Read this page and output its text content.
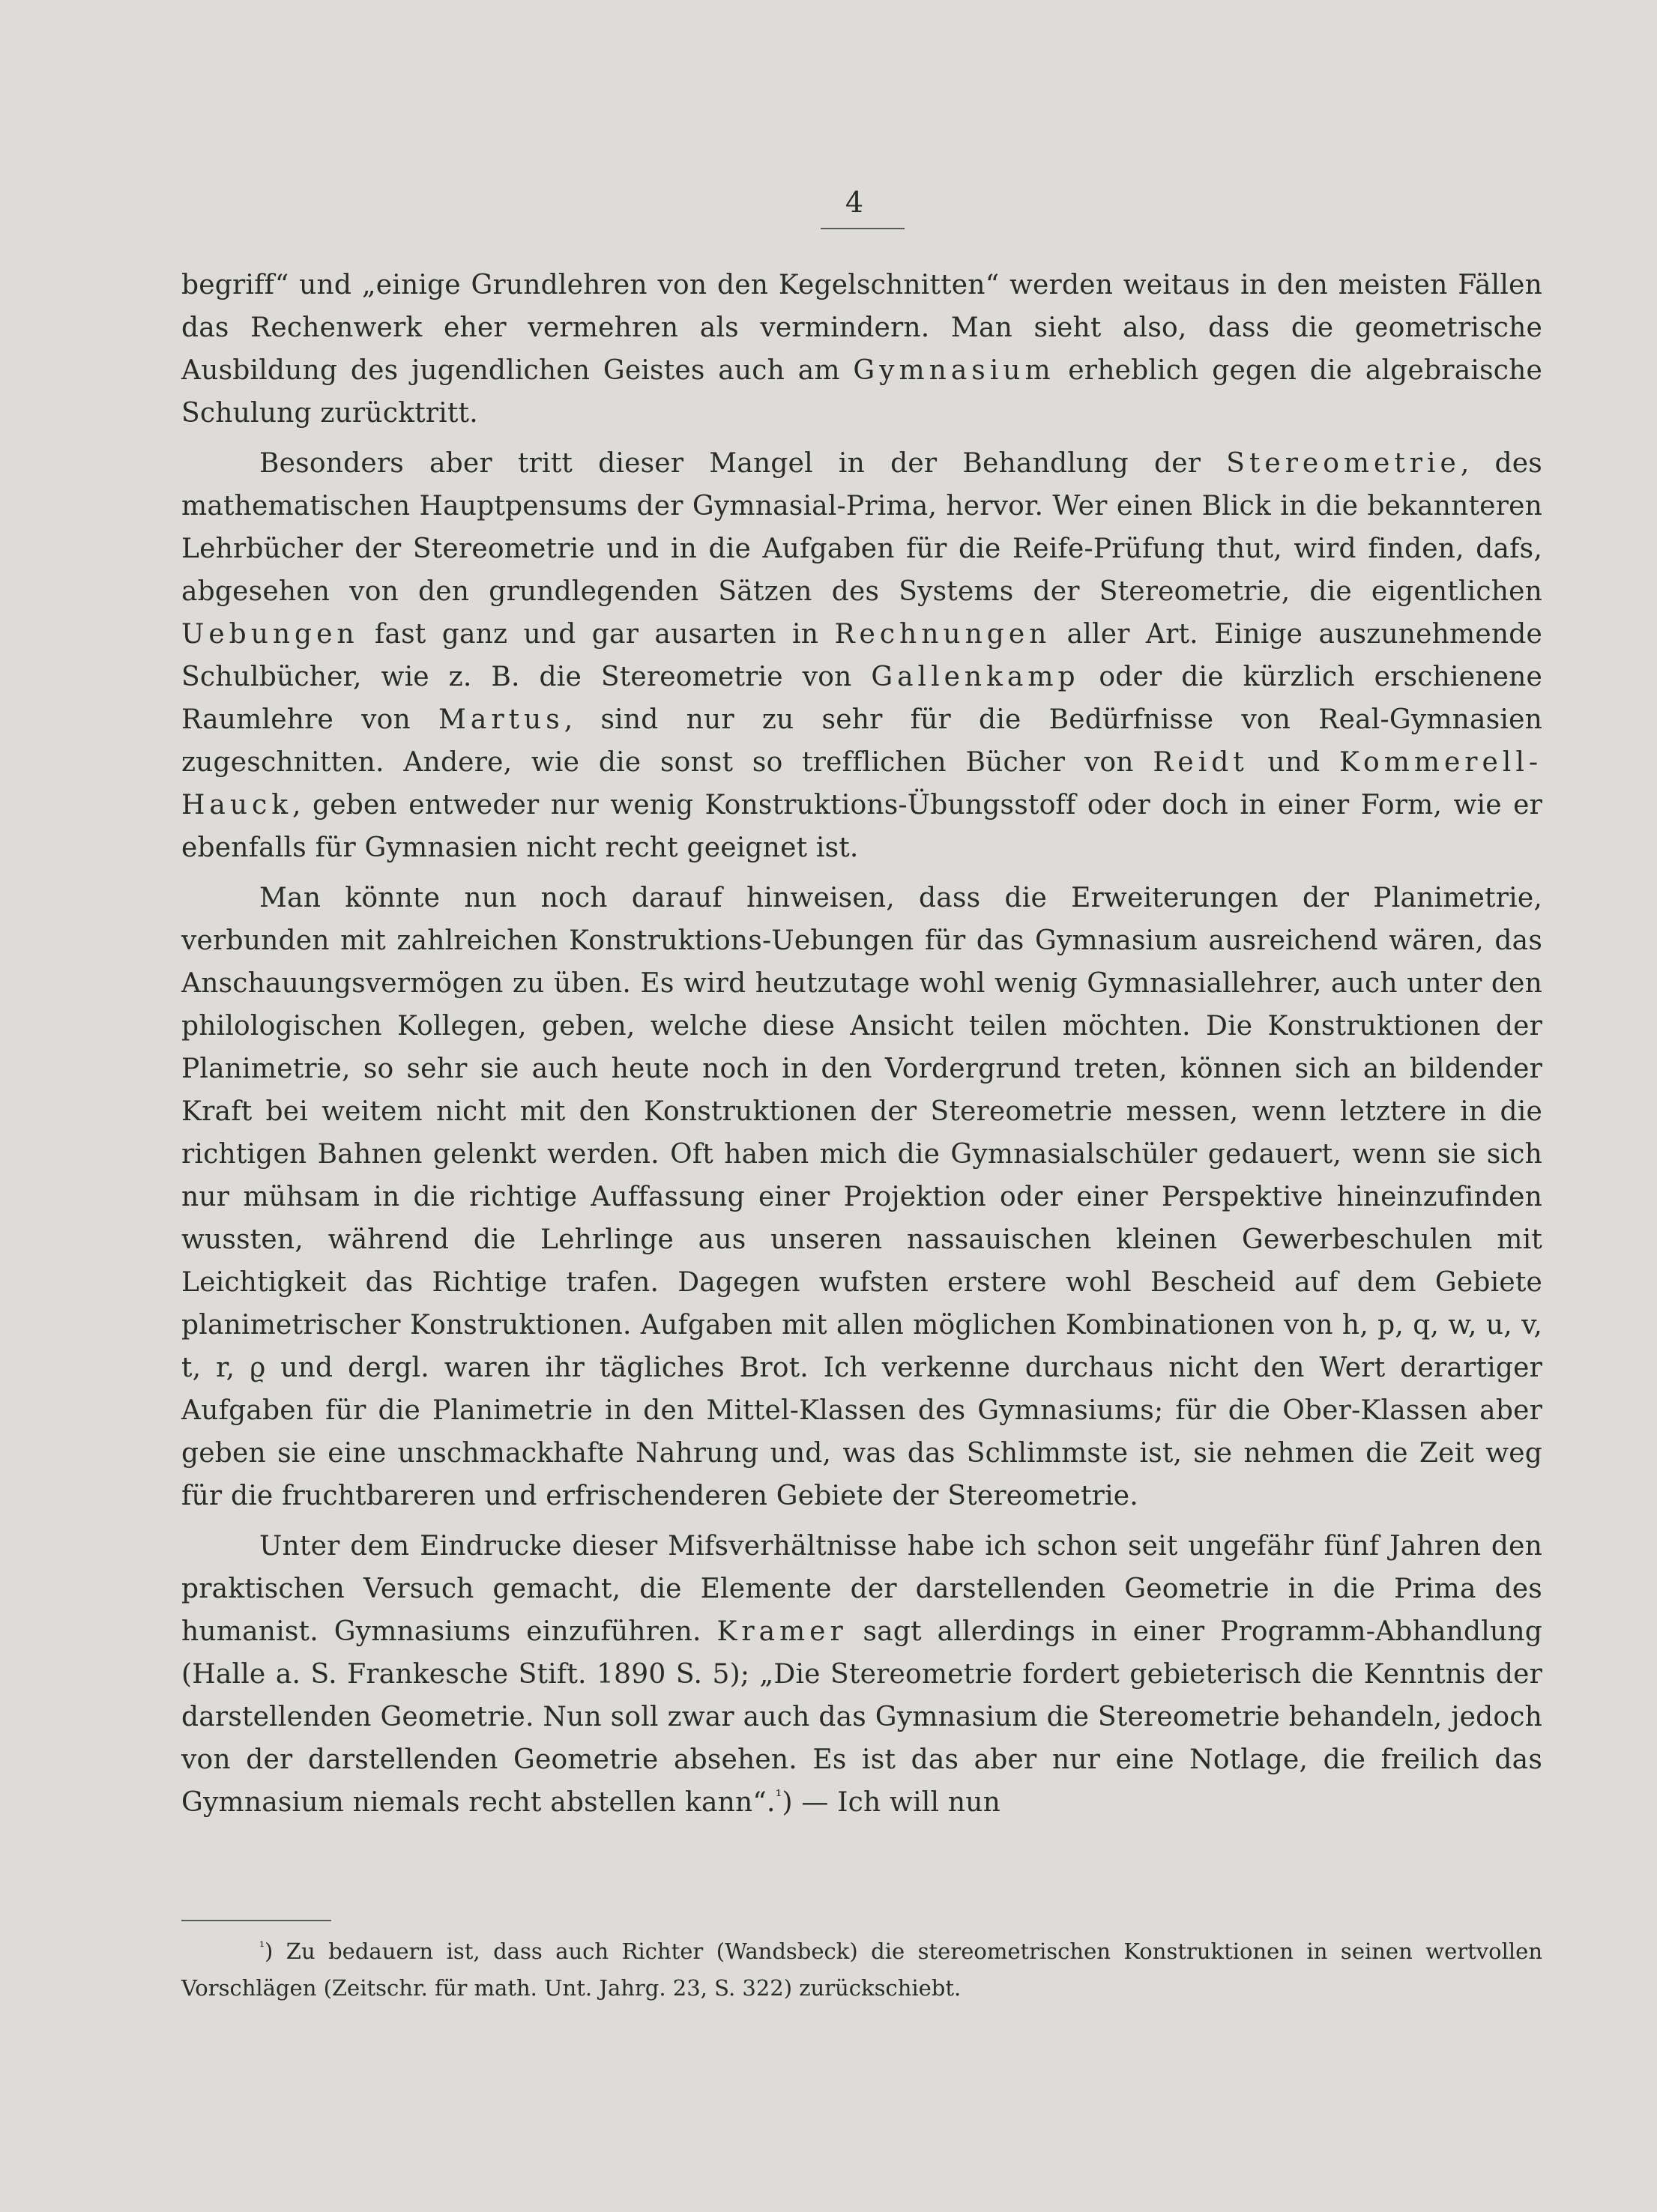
4

begriff“ und „einige Grundlehren von den Kegelschnitten“ werden weitaus in den meisten Fällen das Rechenwerk eher vermehren als vermindern. Man sieht also, dass die geometrische Ausbildung des jugendlichen Geistes auch am Gymnasium erheblich gegen die algebraische Schulung zurücktritt.

Besonders aber tritt dieser Mangel in der Behandlung der Stereometrie, des mathematischen Hauptpensums der Gymnasial-Prima, hervor. Wer einen Blick in die bekannteren Lehrbücher der Stereometrie und in die Aufgaben für die Reife-Prüfung thut, wird finden, dafs, abgesehen von den grundlegenden Sätzen des Systems der Stereometrie, die eigentlichen Uebungen fast ganz und gar ausarten in Rechnungen aller Art. Einige auszunehmende Schulbücher, wie z. B. die Stereometrie von Gallenkamp oder die kürzlich erschienene Raumlehre von Martus, sind nur zu sehr für die Bedürfnisse von Real-Gymnasien zugeschnitten. Andere, wie die sonst so trefflichen Bücher von Reidt und Kommerell-Hauck, geben entweder nur wenig Konstruktions-Übungsstoff oder doch in einer Form, wie er ebenfalls für Gymnasien nicht recht geeignet ist.

Man könnte nun noch darauf hinweisen, dass die Erweiterungen der Planimetrie, verbunden mit zahlreichen Konstruktions-Uebungen für das Gymnasium ausreichend wären, das Anschauungsvermögen zu üben. Es wird heutzutage wohl wenig Gymnasiallehrer, auch unter den philologischen Kollegen, geben, welche diese Ansicht teilen möchten. Die Konstruktionen der Planimetrie, so sehr sie auch heute noch in den Vordergrund treten, können sich an bildender Kraft bei weitem nicht mit den Konstruktionen der Stereometrie messen, wenn letztere in die richtigen Bahnen gelenkt werden. Oft haben mich die Gymnasialschüler gedauert, wenn sie sich nur mühsam in die richtige Auffassung einer Projektion oder einer Perspektive hineinzufinden wussten, während die Lehrlinge aus unseren nassauischen kleinen Gewerbeschulen mit Leichtigkeit das Richtige trafen. Dagegen wufsten erstere wohl Bescheid auf dem Gebiete planimetrischer Konstruktionen. Aufgaben mit allen möglichen Kombinationen von h, p, q, w, u, v, t, r, ϱ und dergl. waren ihr tägliches Brot. Ich verkenne durchaus nicht den Wert derartiger Aufgaben für die Planimetrie in den Mittel-Klassen des Gymnasiums; für die Ober-Klassen aber geben sie eine unschmackhafte Nahrung und, was das Schlimmste ist, sie nehmen die Zeit weg für die fruchtbareren und erfrischenderen Gebiete der Stereometrie.

Unter dem Eindrucke dieser Mifsverhältnisse habe ich schon seit ungefähr fünf Jahren den praktischen Versuch gemacht, die Elemente der darstellenden Geometrie in die Prima des humanist. Gymnasiums einzuführen. Kramer sagt allerdings in einer Programm-Abhandlung (Halle a. S. Frankesche Stift. 1890 S. 5); „Die Stereometrie fordert gebieterisch die Kenntnis der darstellenden Geometrie. Nun soll zwar auch das Gymnasium die Stereometrie behandeln, jedoch von der darstellenden Geometrie absehen. Es ist das aber nur eine Notlage, die freilich das Gymnasium niemals recht abstellen kann“.$^{^1}$) — Ich will nun

$^{^1}$) Zu bedauern ist, dass auch Richter (Wandsbeck) die stereometrischen Konstruktionen in seinen wertvollen Vorschlägen (Zeitschr. für math. Unt. Jahrg. 23, S. 322) zurückschiebt.
